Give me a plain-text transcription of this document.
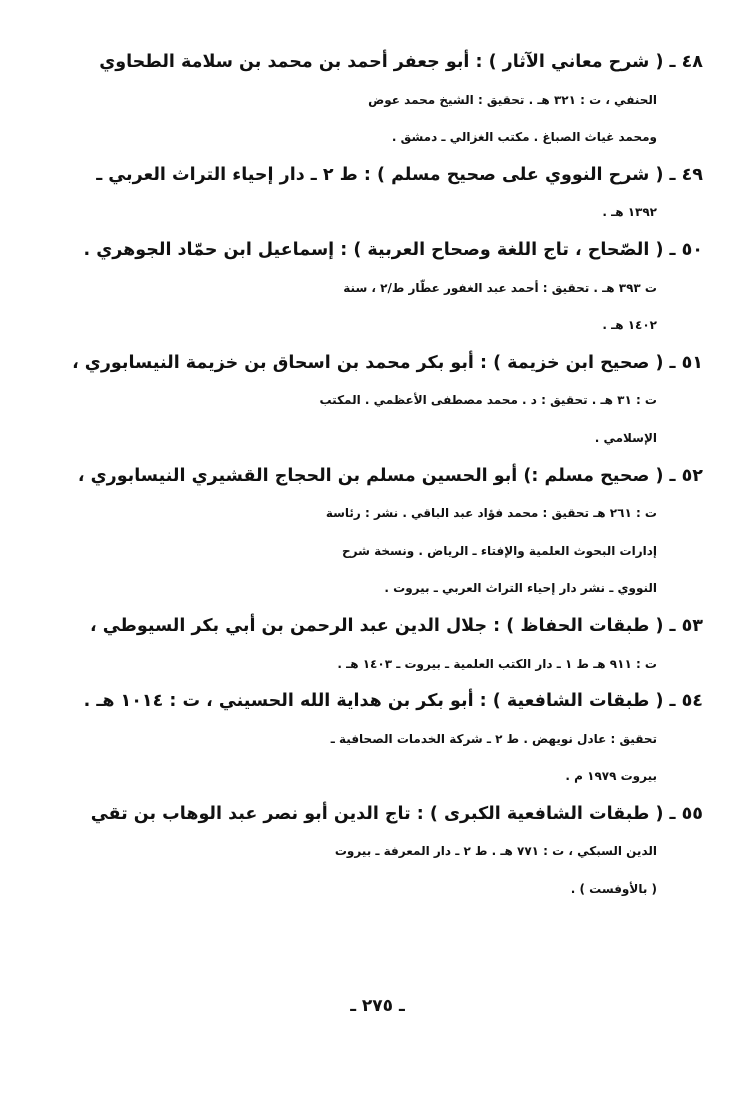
٤٨ ـ ( شرح معاني الآثار ) : أبو جعفر أحمد بن محمد بن سلامة الطحاوي
الحنفي ، ت : ٣٢١ هـ . تحقيق : الشيخ محمد عوض
ومحمد غياث الصباغ . مكتب الغزالي ـ دمشق .
٤٩ ـ ( شرح النووي على صحيح مسلم ) : ط ٢ ـ دار إحياء التراث العربي ـ
١٣٩٢ هـ .
٥٠ ـ ( الصّحاح ، تاج اللغة وصحاح العربية ) : إسماعيل ابن حمّاد الجوهري .
ت ٣٩٣ هـ . تحقيق : أحمد عبد الغفور عطّار ط/٢ ، سنة
١٤٠٢ هـ .
٥١ ـ ( صحيح ابن خزيمة ) : أبو بكر محمد بن اسحاق بن خزيمة النيسابوري ،
ت : ٣١ هـ . تحقيق : د . محمد مصطفى الأعظمي . المكتب
الإسلامي .
٥٢ ـ ( صحيح مسلم :) أبو الحسين مسلم بن الحجاج القشيري النيسابوري ،
ت : ٢٦١ هـ تحقيق : محمد فؤاد عبد الباقي . نشر : رئاسة
إدارات البحوث العلمية والإفتاء ـ الرياض . ونسخة شرح
النووي ـ نشر دار إحياء التراث العربي ـ بيروت .
٥٣ ـ ( طبقات الحفاظ ) : جلال الدين عبد الرحمن بن أبي بكر السيوطي ،
ت : ٩١١ هـ ط ١ ـ دار الكتب العلمية ـ بيروت ـ ١٤٠٣ هـ .
٥٤ ـ ( طبقات الشافعية ) : أبو بكر بن هداية الله الحسيني ، ت : ١٠١٤ هـ .
تحقيق : عادل نويهض . ط ٢ ـ شركة الخدمات الصحافية ـ
بيروت ١٩٧٩ م .
٥٥ ـ ( طبقات الشافعية الكبرى ) : تاج الدين أبو نصر عبد الوهاب بن تقي
الدين السبكي ، ت : ٧٧١ هـ . ط ٢ ـ دار المعرفة ـ بيروت
( بالأوفست ) .
ـ ٢٧٥ ـ
